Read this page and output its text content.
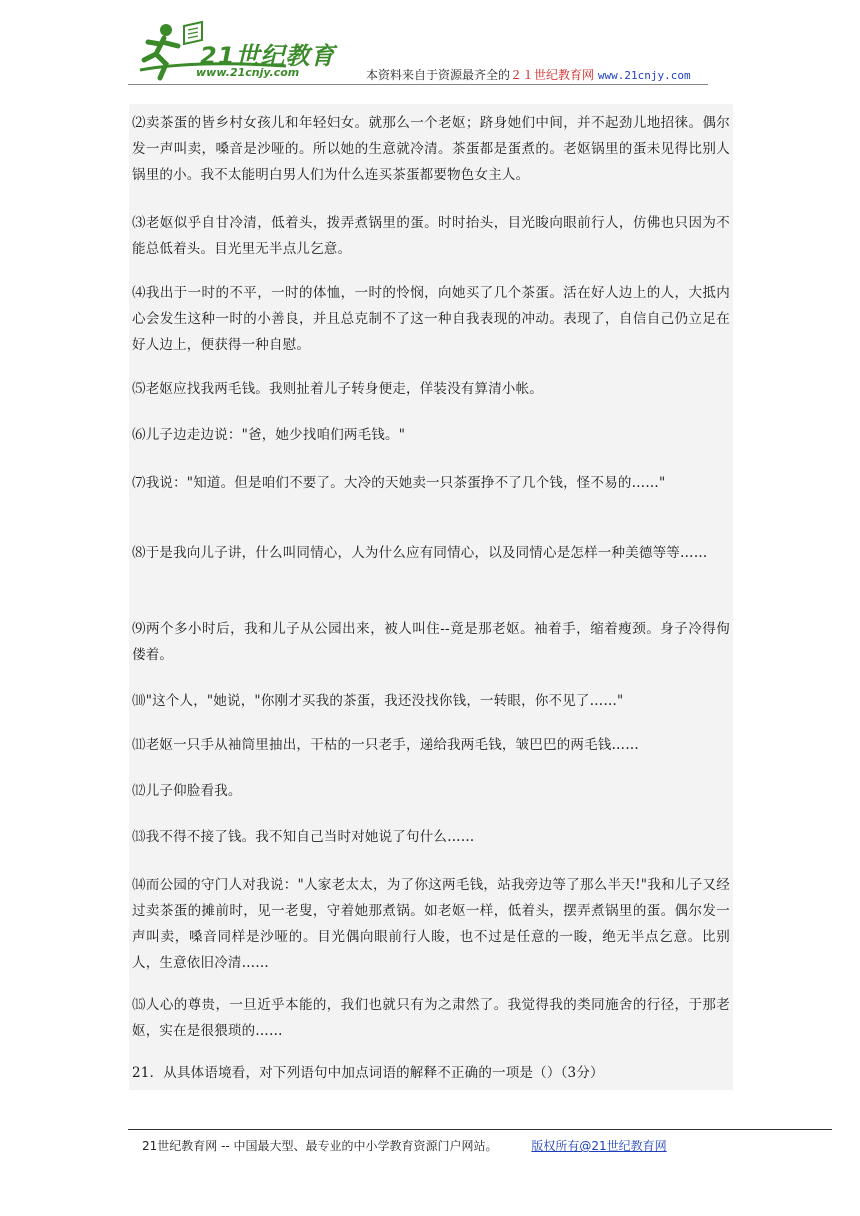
21世纪教育
www.21cnjy.com	本资料来自于资源最齐全的２１世纪教育网 www.21cnjy.com

⑵卖茶蛋的皆乡村女孩儿和年轻妇女。就那么一个老妪；跻身她们中间，并不起劲儿地招徕。偶尔发一声叫卖，嗓音是沙哑的。所以她的生意就冷清。茶蛋都是蛋煮的。老妪锅里的蛋未见得比别人锅里的小。我不太能明白男人们为什么连买茶蛋都要物色女主人。

⑶老妪似乎自甘冷清，低着头，拨弄煮锅里的蛋。时时抬头，目光睃向眼前行人，仿佛也只因为不能总低着头。目光里无半点儿乞意。

⑷我出于一时的不平，一时的体恤，一时的怜悯，向她买了几个茶蛋。活在好人边上的人，大抵内心会发生这种一时的小善良，并且总克制不了这一种自我表现的冲动。表现了，自信自己仍立足在好人边上，便获得一种自慰。

⑸老妪应找我两毛钱。我则扯着儿子转身便走，佯装没有算清小帐。

⑹儿子边走边说："爸，她少找咱们两毛钱。"

⑺我说："知道。但是咱们不要了。大冷的天她卖一只茶蛋挣不了几个钱，怪不易的……"

⑻于是我向儿子讲，什么叫同情心，人为什么应有同情心，以及同情心是怎样一种美德等等……

⑼两个多小时后，我和儿子从公园出来，被人叫住--竟是那老妪。袖着手，缩着瘦颈。身子冷得佝偻着。

⑽"这个人，"她说，"你刚才买我的茶蛋，我还没找你钱，一转眼，你不见了……"

⑾老妪一只手从袖筒里抽出，干枯的一只老手，递给我两毛钱，皱巴巴的两毛钱……

⑿儿子仰脸看我。

⒀我不得不接了钱。我不知自己当时对她说了句什么……

⒁而公园的守门人对我说："人家老太太，为了你这两毛钱，站我旁边等了那么半天!"我和儿子又经过卖茶蛋的摊前时，见一老叟，守着她那煮锅。如老妪一样，低着头，摆弄煮锅里的蛋。偶尔发一声叫卖，嗓音同样是沙哑的。目光偶向眼前行人睃，也不过是任意的一睃，绝无半点乞意。比别人，生意依旧冷清……

⒂人心的尊贵，一旦近乎本能的，我们也就只有为之肃然了。我觉得我的类同施舍的行径，于那老妪，实在是很猥琐的……

21．从具体语境看，对下列语句中加点词语的解释不正确的一项是（）（3分）

21世纪教育网 -- 中国最大型、最专业的中小学教育资源门户网站。	版权所有@21世纪教育网
